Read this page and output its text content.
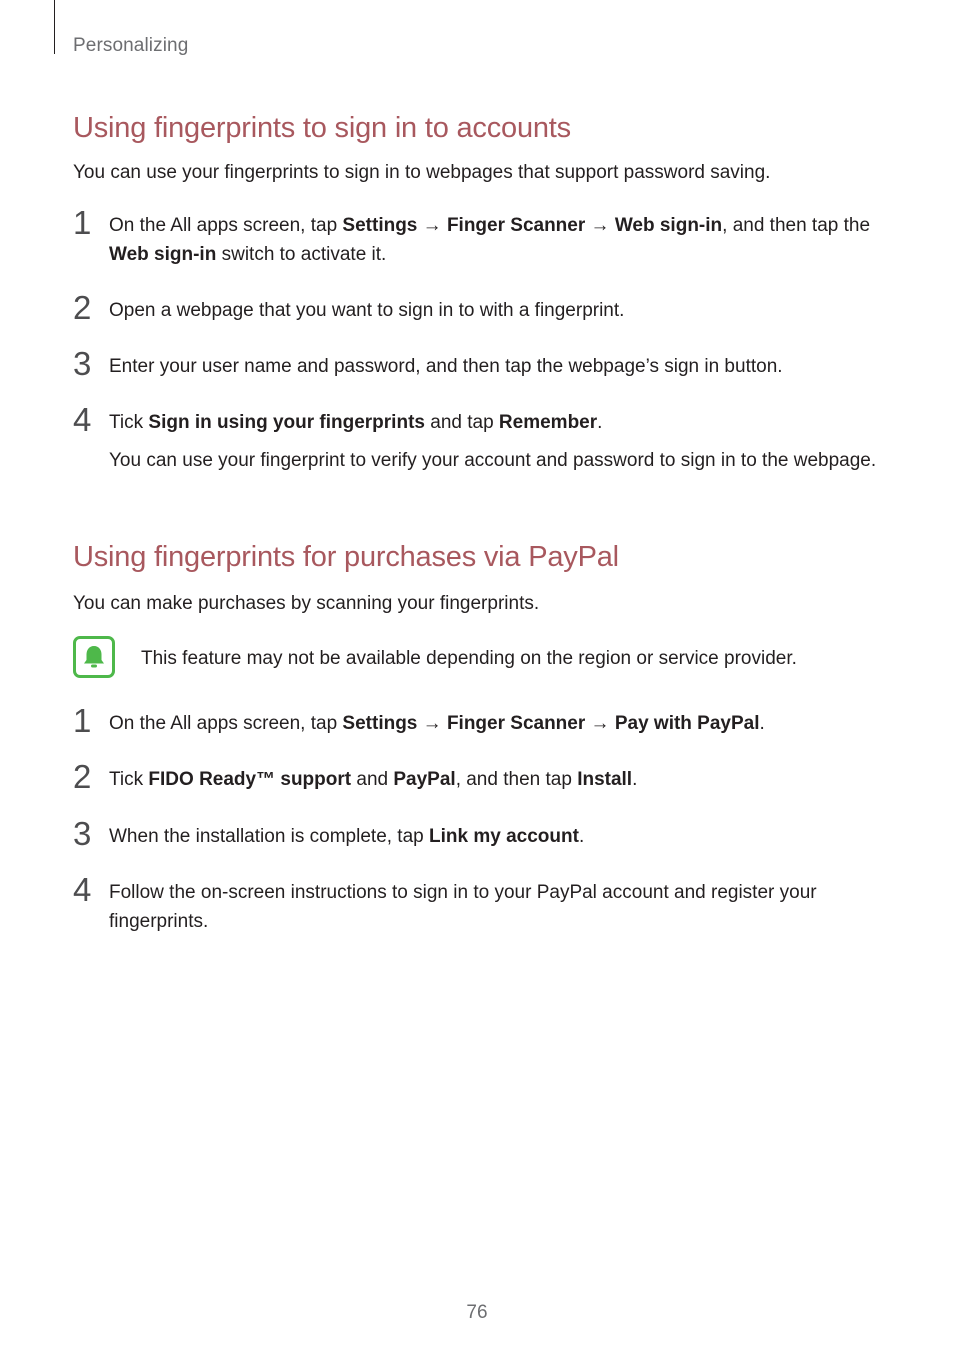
Personalizing
Using fingerprints to sign in to accounts

You can use your fingerprints to sign in to webpages that support password saving.

1 On the All apps screen, tap Settings → Finger Scanner → Web sign-in, and then tap the Web sign-in switch to activate it.
2 Open a webpage that you want to sign in to with a fingerprint.
3 Enter your user name and password, and then tap the webpage’s sign in button.
4 Tick Sign in using your fingerprints and tap Remember.
You can use your fingerprint to verify your account and password to sign in to the webpage.
Using fingerprints for purchases via PayPal

You can make purchases by scanning your fingerprints.

This feature may not be available depending on the region or service provider.
1 On the All apps screen, tap Settings → Finger Scanner → Pay with PayPal.
2 Tick FIDO Ready™ support and PayPal, and then tap Install.
3 When the installation is complete, tap Link my account.
4 Follow the on-screen instructions to sign in to your PayPal account and register your fingerprints.
76
